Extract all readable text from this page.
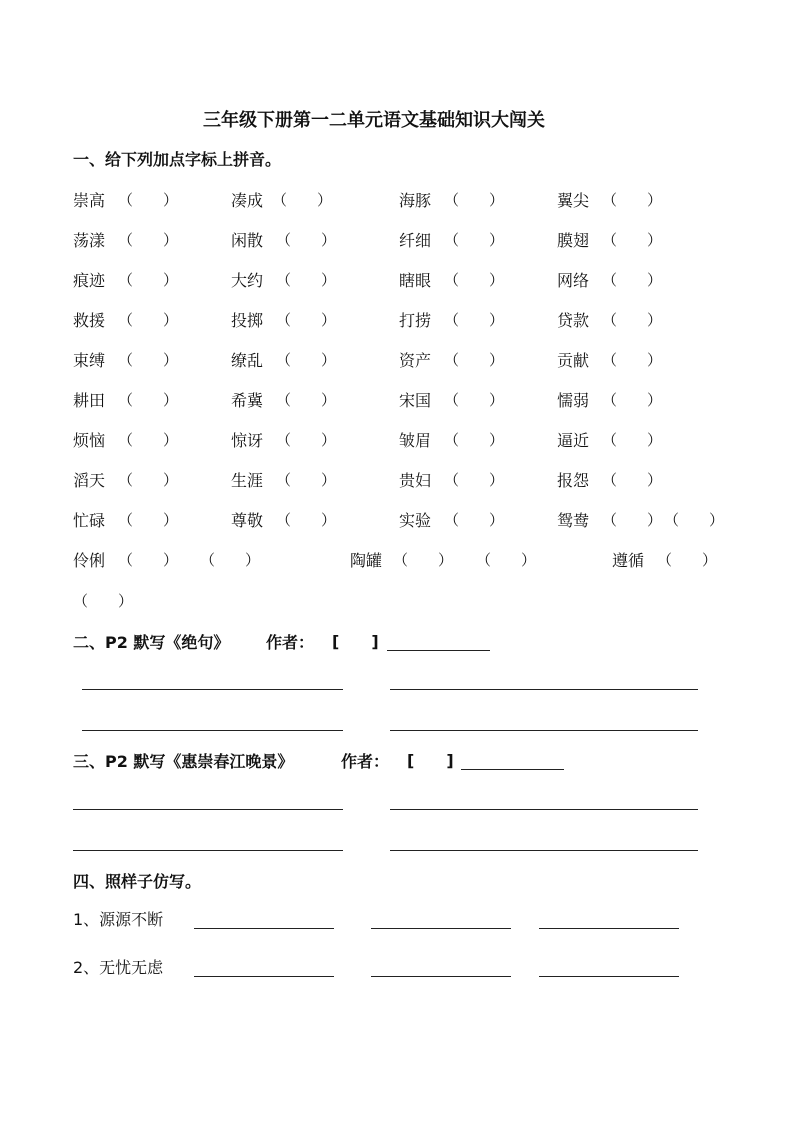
三年级下册第一二单元语文基础知识大闯关
一、给下列加点字标上拼音。
崇高 （　　）	凑成 （　　）	海豚 （　　）	翼尖 （　　）
荡漾 （　　）	闲散 （　　）	纤细 （　　）	膜翅 （　　）
痕迹 （　　）	大约 （　　）	瞎眼 （　　）	网络 （　　）
救援 （　　）	投掷 （　　）	打捞 （　　）	贷款 （　　）
束缚 （　　）	缭乱 （　　）	资产 （　　）	贡献 （　　）
耕田 （　　）	希冀 （　　）	宋国 （　　）	懦弱 （　　）
烦恼 （　　）	惊讶 （　　）	皱眉 （　　）	逼近 （　　）
滔天 （　　）	生涯 （　　）	贵妇 （　　）	报怨 （　　）
忙碌 （　　）	尊敬 （　　）	实验 （　　）	鸳鸯 （　　） （　　）
伶俐 （　　） （　　）	陶罐 （　　） （　　）	遵循 （　　）
（　　）
二、P2 默写《绝句》 作者： [　　]
三、P2 默写《惠崇春江晚景》	作者： [　　]
四、照样子仿写。
1、源源不断
2、无忧无虑
